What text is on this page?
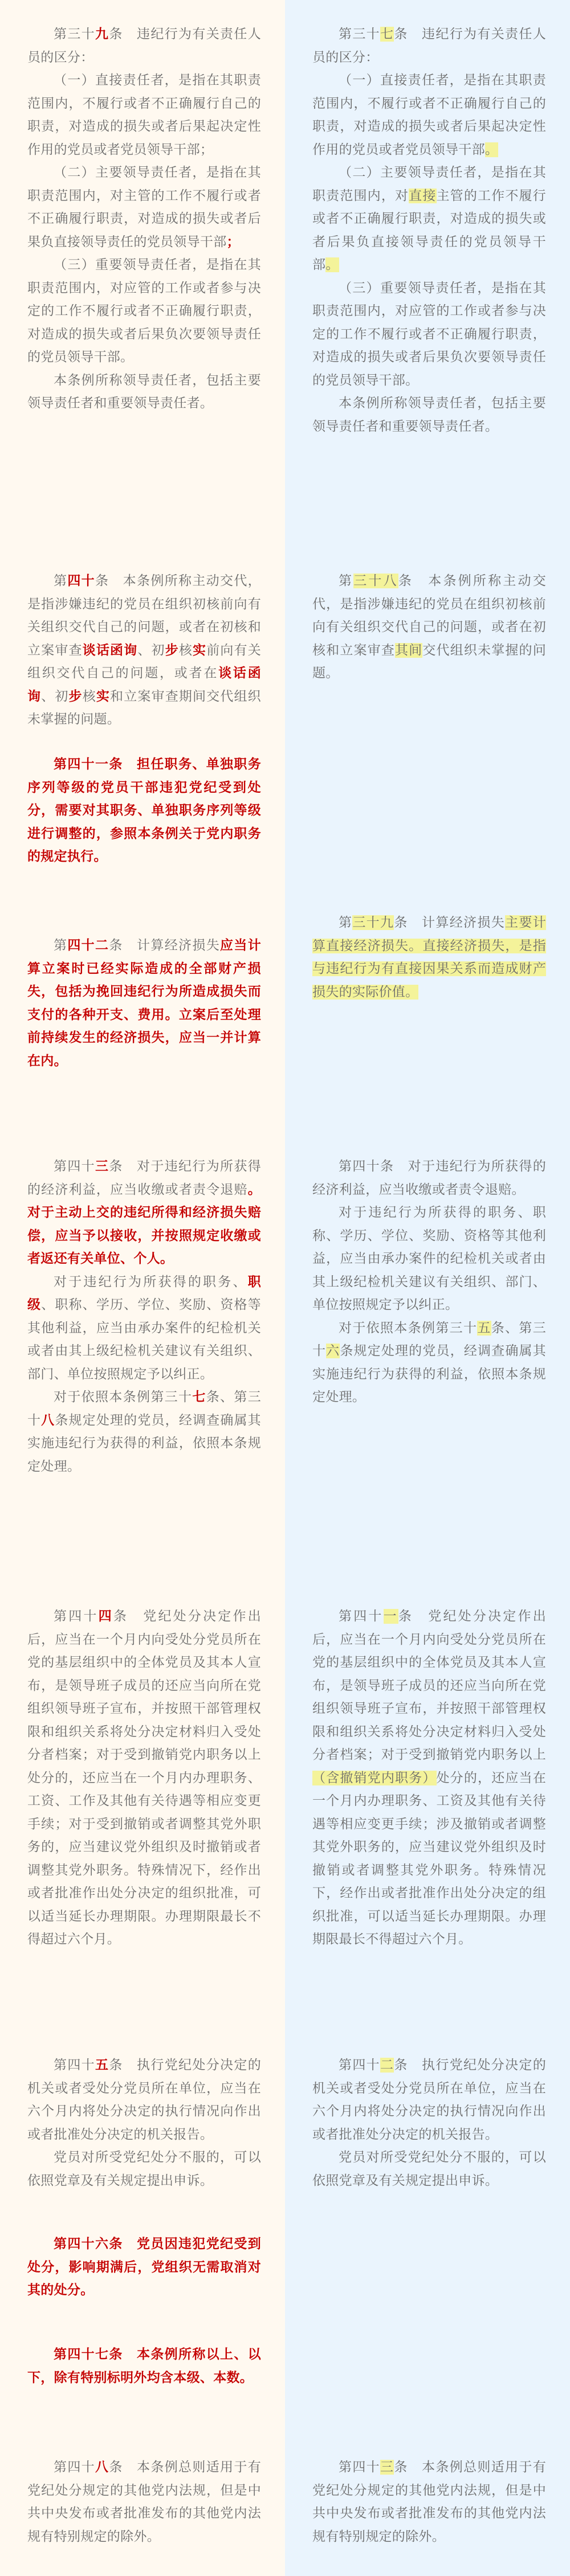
第三十九条　违纪行为有关责任人员的区分：

（一）直接责任者，是指在其职责范围内，不履行或者不正确履行自己的职责，对造成的损失或者后果起决定性作用的党员或者党员领导干部；

（二）主要领导责任者，是指在其职责范围内，对主管的工作不履行或者不正确履行职责，对造成的损失或者后果负直接领导责任的党员领导干部；

（三）重要领导责任者，是指在其职责范围内，对应管的工作或者参与决定的工作不履行或者不正确履行职责，对造成的损失或者后果负次要领导责任的党员领导干部。

本条例所称领导责任者，包括主要领导责任者和重要领导责任者。

第四十条　本条例所称主动交代，是指涉嫌违纪的党员在组织初核前向有关组织交代自己的问题，或者在初核和立案审查谈话函询、初步核实前向有关组织交代自己的问题，或者在谈话函询、初步核实和立案审查期间交代组织未掌握的问题。

第四十一条　担任职务、单独职务序列等级的党员干部违犯党纪受到处分，需要对其职务、单独职务序列等级进行调整的，参照本条例关于党内职务的规定执行。

第四十二条　计算经济损失应当计算立案时已经实际造成的全部财产损失，包括为挽回违纪行为所造成损失而支付的各种开支、费用。立案后至处理前持续发生的经济损失，应当一并计算在内。

第四十三条　对于违纪行为所获得的经济利益，应当收缴或者责令退赔。对于主动上交的违纪所得和经济损失赔偿，应当予以接收，并按照规定收缴或者返还有关单位、个人。

对于违纪行为所获得的职务、职级、职称、学历、学位、奖励、资格等其他利益，应当由承办案件的纪检机关或者由其上级纪检机关建议有关组织、部门、单位按照规定予以纠正。

对于依照本条例第三十七条、第三十八条规定处理的党员，经调查确属其实施违纪行为获得的利益，依照本条规定处理。

第四十四条　党纪处分决定作出后，应当在一个月内向受处分党员所在党的基层组织中的全体党员及其本人宣布，是领导班子成员的还应当向所在党组织领导班子宣布，并按照干部管理权限和组织关系将处分决定材料归入受处分者档案；对于受到撤销党内职务以上处分的，还应当在一个月内办理职务、工资、工作及其他有关待遇等相应变更手续；对于受到撤销或者调整其党外职务的，应当建议党外组织及时撤销或者调整其党外职务。特殊情况下，经作出或者批准作出处分决定的组织批准，可以适当延长办理期限。办理期限最长不得超过六个月。

第四十五条　执行党纪处分决定的机关或者受处分党员所在单位，应当在六个月内将处分决定的执行情况向作出或者批准处分决定的机关报告。

党员对所受党纪处分不服的，可以依照党章及有关规定提出申诉。

第四十六条　党员因违犯党纪受到处分，影响期满后，党组织无需取消对其的处分。

第四十七条　本条例所称以上、以下，除有特别标明外均含本级、本数。

第四十八条　本条例总则适用于有党纪处分规定的其他党内法规，但是中共中央发布或者批准发布的其他党内法规有特别规定的除外。

第三十七条　违纪行为有关责任人员的区分：

（一）直接责任者，是指在其职责范围内，不履行或者不正确履行自己的职责，对造成的损失或者后果起决定性作用的党员或者党员领导干部。

（二）主要领导责任者，是指在其职责范围内，对直接主管的工作不履行或者不正确履行职责，对造成的损失或者后果负直接领导责任的党员领导干部。

（三）重要领导责任者，是指在其职责范围内，对应管的工作或者参与决定的工作不履行或者不正确履行职责，对造成的损失或者后果负次要领导责任的党员领导干部。

本条例所称领导责任者，包括主要领导责任者和重要领导责任者。

第三十八条　本条例所称主动交代，是指涉嫌违纪的党员在组织初核前向有关组织交代自己的问题，或者在初核和立案审查其间交代组织未掌握的问题。

第三十九条　计算经济损失主要计算直接经济损失。直接经济损失，是指与违纪行为有直接因果关系而造成财产损失的实际价值。

第四十条　对于违纪行为所获得的经济利益，应当收缴或者责令退赔。

对于违纪行为所获得的职务、职称、学历、学位、奖励、资格等其他利益，应当由承办案件的纪检机关或者由其上级纪检机关建议有关组织、部门、单位按照规定予以纠正。

对于依照本条例第三十五条、第三十六条规定处理的党员，经调查确属其实施违纪行为获得的利益，依照本条规定处理。

第四十一条　党纪处分决定作出后，应当在一个月内向受处分党员所在党的基层组织中的全体党员及其本人宣布，是领导班子成员的还应当向所在党组织领导班子宣布，并按照干部管理权限和组织关系将处分决定材料归入受处分者档案；对于受到撤销党内职务以上（含撤销党内职务）处分的，还应当在一个月内办理职务、工资及其他有关待遇等相应变更手续；涉及撤销或者调整其党外职务的，应当建议党外组织及时撤销或者调整其党外职务。特殊情况下，经作出或者批准作出处分决定的组织批准，可以适当延长办理期限。办理期限最长不得超过六个月。

第四十二条　执行党纪处分决定的机关或者受处分党员所在单位，应当在六个月内将处分决定的执行情况向作出或者批准处分决定的机关报告。

党员对所受党纪处分不服的，可以依照党章及有关规定提出申诉。

第四十三条　本条例总则适用于有党纪处分规定的其他党内法规，但是中共中央发布或者批准发布的其他党内法规有特别规定的除外。
